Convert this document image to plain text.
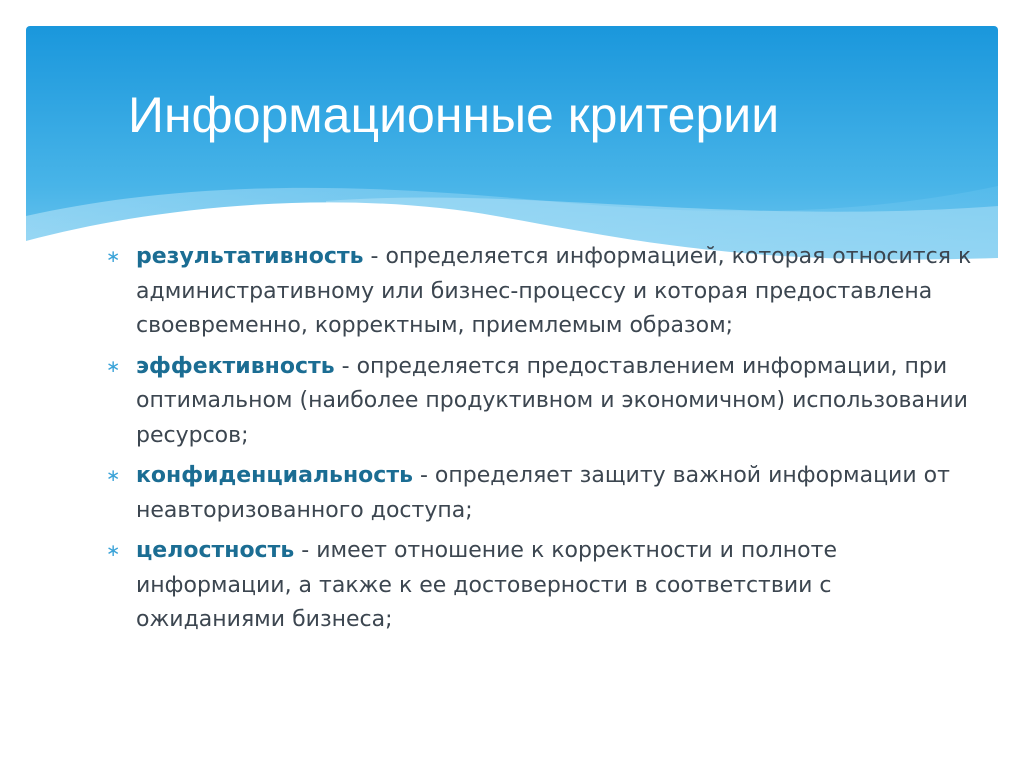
Информационные критерии
∗ результативность - определяется информацией, которая относится к административному или бизнес-процессу и которая предоставлена своевременно, корректным, приемлемым образом;
∗ эффективность - определяется предоставлением информации, при оптимальном (наиболее продуктивном и экономичном) использовании ресурсов;
∗ конфиденциальность - определяет защиту важной информации от неавторизованного доступа;
∗ целостность - имеет отношение к корректности и полноте информации, а также к ее достоверности в соответствии с ожиданиями бизнеса;
